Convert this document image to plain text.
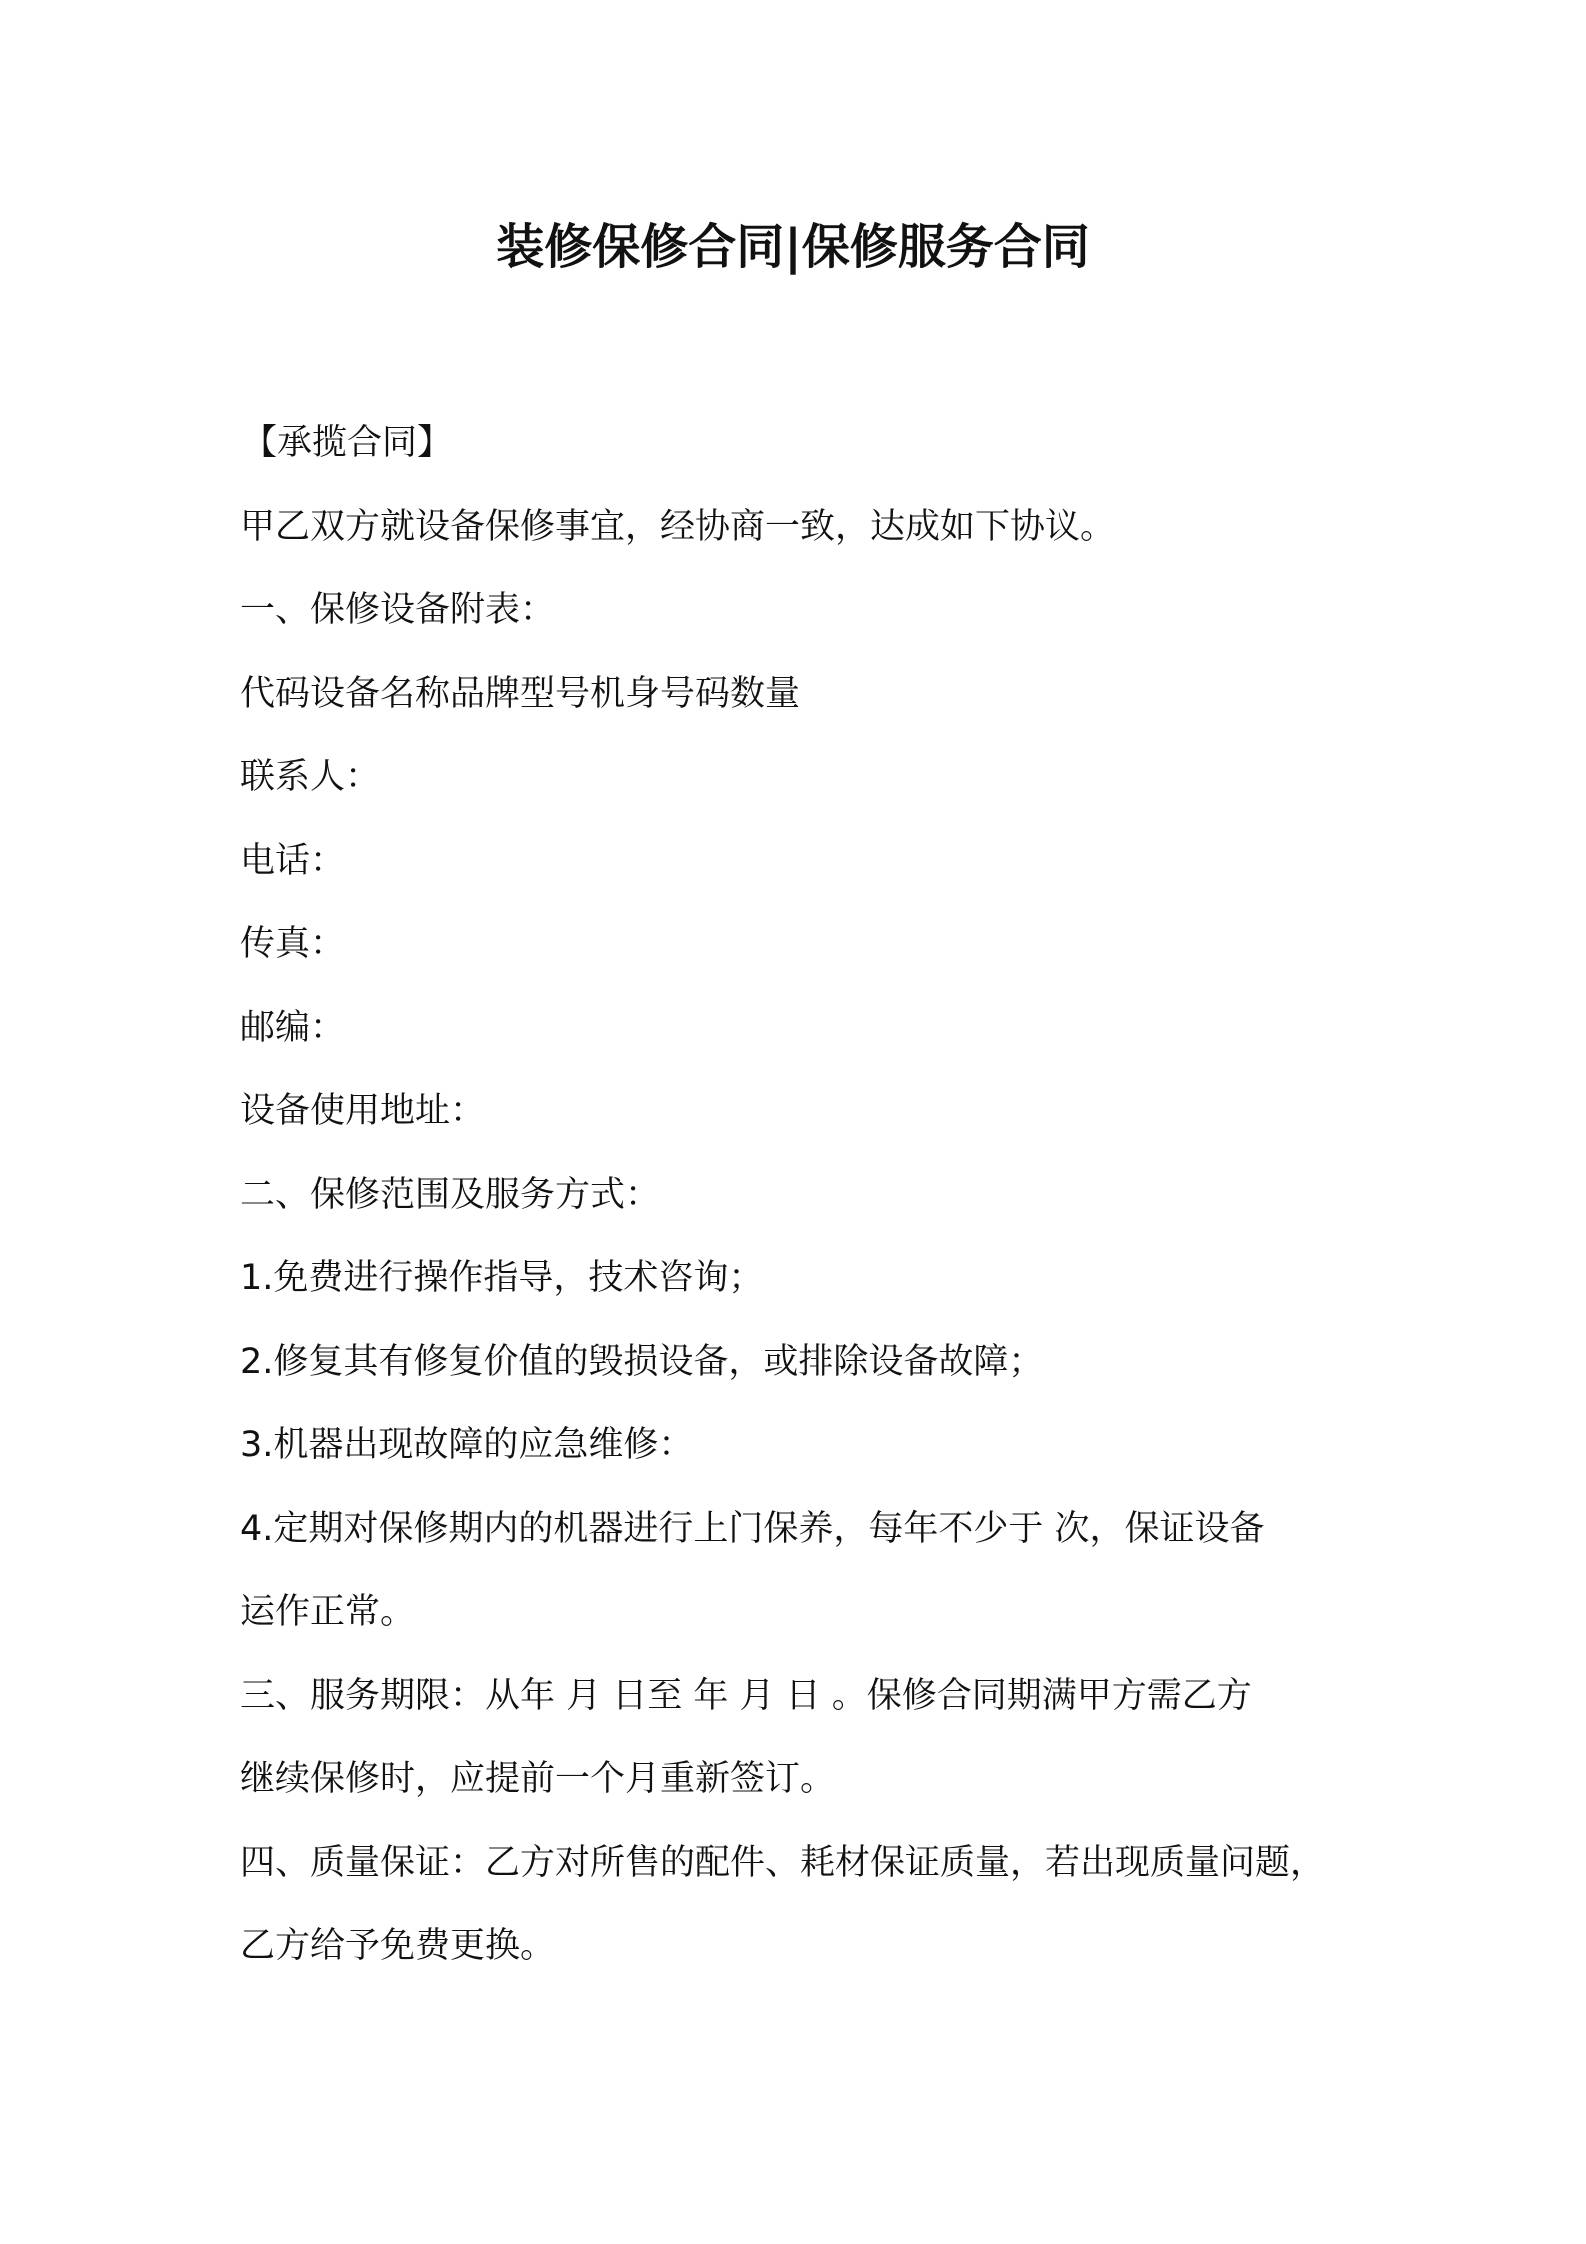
装修保修合同|保修服务合同
【承揽合同】
甲乙双方就设备保修事宜，经协商一致，达成如下协议。
一、保修设备附表：
代码设备名称品牌型号机身号码数量
联系人：
电话：
传真：
邮编：
设备使用地址：
二、保修范围及服务方式：
1.免费进行操作指导，技术咨询；
2.修复其有修复价值的毁损设备，或排除设备故障；
3.机器出现故障的应急维修：
4.定期对保修期内的机器进行上门保养，每年不少于 次，保证设备
运作正常。
三、服务期限：从年 月 日至 年 月 日 。保修合同期满甲方需乙方
继续保修时，应提前一个月重新签订。
四、质量保证：乙方对所售的配件、耗材保证质量，若出现质量问题，
乙方给予免费更换。
